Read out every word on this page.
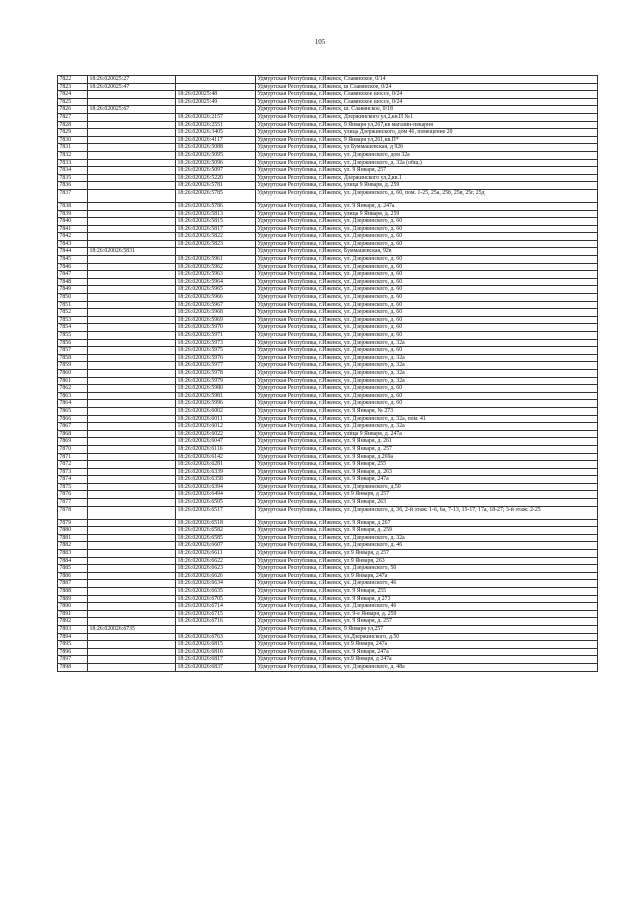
105
7822	18:26:020025:27		Удмуртская Республика, г.Ижевск, Славянское, 0/14
7823	18:26:020025:47		Удмуртская Республика, г.Ижевск, ш Славянское, 0/24
7824		18:26:020025:48	Удмуртская Республика, г.Ижевск, Славянское шоссе, 0/24
7825		18:26:020025:49	Удмуртская Республика, г.Ижевск, Славянское шоссе, 0/24
7826	18:26:020025:67		Удмуртская Республика, г.Ижевск, ш. Славянское, 0/18
7827		18:26:020026:2157	Удмуртская Республика, г.Ижевск, Дзержинского ул,2,кв.П №1
7828		18:26:020026:2551	Удмуртская Республика, г.Ижевск, 9 Января ул,267,кв магазин-пекарня
7829		18:26:020026:3405	Удмуртская Республика, г.Ижевск, улица Дзержинского, дом 46, помещение 20
7830		18:26:020026:4117	Удмуртская Республика, г.Ижевск, 9 Января ул,261,кв.П*
7831		18:26:020026:5088	Удмуртская Республика, г.Ижевск, ул Буммашевская, д 92б
7832		18:26:020026:5095	Удмуртская Республика, г.Ижевск, ул. Дзержинского, дом 32а
7833		18:26:020026:5096	Удмуртская Республика, г.Ижевск, ул. Дзержинского, д. 32а (общ.)
7834		18:26:020026:5097	Удмуртская Республика, г.Ижевск, ул. 9 Января, 257
7835		18:26:020026:5220	Удмуртская Республика, г.Ижевск, Дзержинского ул,2,кв.1
7836		18:26:020026:5781	Удмуртская Республика, г.Ижевск, улица 9 Января, д. 259
7837		18:26:020026:5785	Удмуртская Республика, г.Ижевск, ул. Дзержинского, д. 60, пом. 1-25, 25а, 25б, 25в, 25г, 25д
7838		18:26:020026:5786	Удмуртская Республика, г.Ижевск, ул. 9 Января, д. 247а
7839		18:26:020026:5813	Удмуртская Республика, г.Ижевск, улица 9 Января, д. 259
7840		18:26:020026:5815	Удмуртская Республика, г.Ижевск, ул. Дзержинского, д. 60
7841		18:26:020026:5817	Удмуртская Республика, г.Ижевск, ул. Дзержинского, д. 60
7842		18:26:020026:5822	Удмуртская Республика, г.Ижевск, ул. Дзержинского, д. 60
7843		18:26:020026:5823	Удмуртская Республика, г.Ижевск, ул. Дзержинского, д. 60
7844	18:26:020026:5831		Удмуртская Республика, г.Ижевск, Буммашевская, 92в
7845		18:26:020026:5961	Удмуртская Республика, г.Ижевск, ул. Дзержинского, д. 60
7846		18:26:020026:5962	Удмуртская Республика, г.Ижевск, ул. Дзержинского, д. 60
7847		18:26:020026:5963	Удмуртская Республика, г.Ижевск, ул. Дзержинского, д. 60
7848		18:26:020026:5964	Удмуртская Республика, г.Ижевск, ул. Дзержинского, д. 60
7849		18:26:020026:5965	Удмуртская Республика, г.Ижевск, ул. Дзержинского, д. 60
7850		18:26:020026:5966	Удмуртская Республика, г.Ижевск, ул. Дзержинского, д. 60
7851		18:26:020026:5967	Удмуртская Республика, г.Ижевск, ул. Дзержинского, д. 60
7852		18:26:020026:5968	Удмуртская Республика, г.Ижевск, ул. Дзержинского, д. 60
7853		18:26:020026:5969	Удмуртская Республика, г.Ижевск, ул. Дзержинского, д. 60
7854		18:26:020026:5970	Удмуртская Республика, г.Ижевск, ул. Дзержинского, д. 60
7855		18:26:020026:5971	Удмуртская Республика, г.Ижевск, ул. Дзержинского, д. 60
7856		18:26:020026:5973	Удмуртская Республика, г.Ижевск, ул. Дзержинского, д. 32а
7857		18:26:020026:5975	Удмуртская Республика, г.Ижевск, ул. Дзержинского, д. 60
7858		18:26:020026:5976	Удмуртская Республика, г.Ижевск, ул. Дзержинского, д. 32а
7859		18:26:020026:5977	Удмуртская Республика, г.Ижевск, ул. Дзержинского, д. 32а
7860		18:26:020026:5978	Удмуртская Республика, г.Ижевск, ул. Дзержинского, д. 32а
7861		18:26:020026:5979	Удмуртская Республика, г.Ижевск, ул. Дзержинского, д. 32а
7862		18:26:020026:5980	Удмуртская Республика, г.Ижевск, ул. Дзержинского, д. 60
7863		18:26:020026:5981	Удмуртская Республика, г.Ижевск, ул. Дзержинского, д. 60
7864		18:26:020026:5996	Удмуртская Республика, г.Ижевск, ул. Дзержинского, д. 60
7865		18:26:020026:6002	Удмуртская Республика, г.Ижевск, ул. 9 Января, № 273
7866		18:26:020026:6011	Удмуртская Республика, г.Ижевск, ул. Дзержинского, д. 32а, пом. 41
7867		18:26:020026:6012	Удмуртская Республика, г.Ижевск, ул. Дзержинского, д. 32а
7868		18:26:020026:6022	Удмуртская Республика, г.Ижевск, улица 9 Января, д. 247а
7869		18:26:020026:6047	Удмуртская Республика, г.Ижевск, ул. 9 Января, д. 261
7870		18:26:020026:6116	Удмуртская Республика, г.Ижевск, ул. 9 Января, д. 257
7871		18:26:020026:6142	Удмуртская Республика, г.Ижевск, ул. 9 Января, д.269а
7872		18:26:020026:6281	Удмуртская Республика, г.Ижевск, ул. 9 Января, 255
7873		18:26:020026:6339	Удмуртская Республика, г.Ижевск, ул. 9 Января, д. 263
7874		18:26:020026:6358	Удмуртская Республика, г.Ижевск, ул. 9 Января, 247а
7875		18:26:020026:6394	Удмуртская Республика, г.Ижевск, ул. Дзержинского, д.50
7876		18:26:020026:6494	Удмуртская Республика, г.Ижевск, ул 9 Января, д 257
7877		18:26:020026:6505	Удмуртская Республика, г.Ижевск, ул. 9 Января, 263
7878		18:26:020026:6517	Удмуртская Республика, г.Ижевск, ул. Дзержинского, д. 36, 2-й этаж: 1-6, 6а, 7-13, 15-17, 17а, 18-27; 3-й этаж: 2-25
7879		18:26:020026:6518	Удмуртская Республика, г.Ижевск, ул. 9 Января, д 267
7880		18:26:020026:6582	Удмуртская Республика, г.Ижевск, ул. 9 Января, д. 259
7881		18:26:020026:6585	Удмуртская Республика, г.Ижевск, ул. Дзержинского, д. 32а
7882		18:26:020026:6607	Удмуртская Республика, г.Ижевск, ул. Дзержинского, д. 46
7883		18:26:020026:6611	Удмуртская Республика, г.Ижевск, ул 9 Января, д 257
7884		18:26:020026:6622	Удмуртская Республика, г.Ижевск, ул 9 Января, 263
7885		18:26:020026:6623	Удмуртская Республика, г.Ижевск, ул. Дзержинского, 50
7886		18:26:020026:6626	Удмуртская Республика, г.Ижевск, ул 9 Января, 247а
7887		18:26:020026:6634	Удмуртская Республика, г.Ижевск, ул. Дзержинского, 46
7888		18:26:020026:6635	Удмуртская Республика, г.Ижевск, ул. 9 Января, 255
7889		18:26:020026:6705	Удмуртская Республика, г.Ижевск, ул. 9 Января, д 273
7890		18:26:020026:6714	Удмуртская Республика, г.Ижевск, ул. Дзержинского, 46
7891		18:26:020026:6715	Удмуртская Республика, г.Ижевск, ул. 9-е Января, д. 259
7892		18:26:020026:6716	Удмуртская Республика, г.Ижевск, ул. 9 Января, д. 257
7893	18:26:020026:6735		Удмуртская Республика, г.Ижевск, 9 Января ул,257
7894		18:26:020026:6763	Удмуртская Республика, г.Ижевск, ул.Дзержинского, д.50
7895		18:26:020026:6815	Удмуртская Республика, г.Ижевск, ул 9 Января, 247а
7896		18:26:020026:6816	Удмуртская Республика, г.Ижевск, ул. 9 Января, 247а
7897		18:26:020026:6817	Удмуртская Республика, г.Ижевск, ул.9 Января, д 247а
7898		18:26:020026:6837	Удмуртская Республика, г.Ижевск, ул. Дзержинского, д. 48а
